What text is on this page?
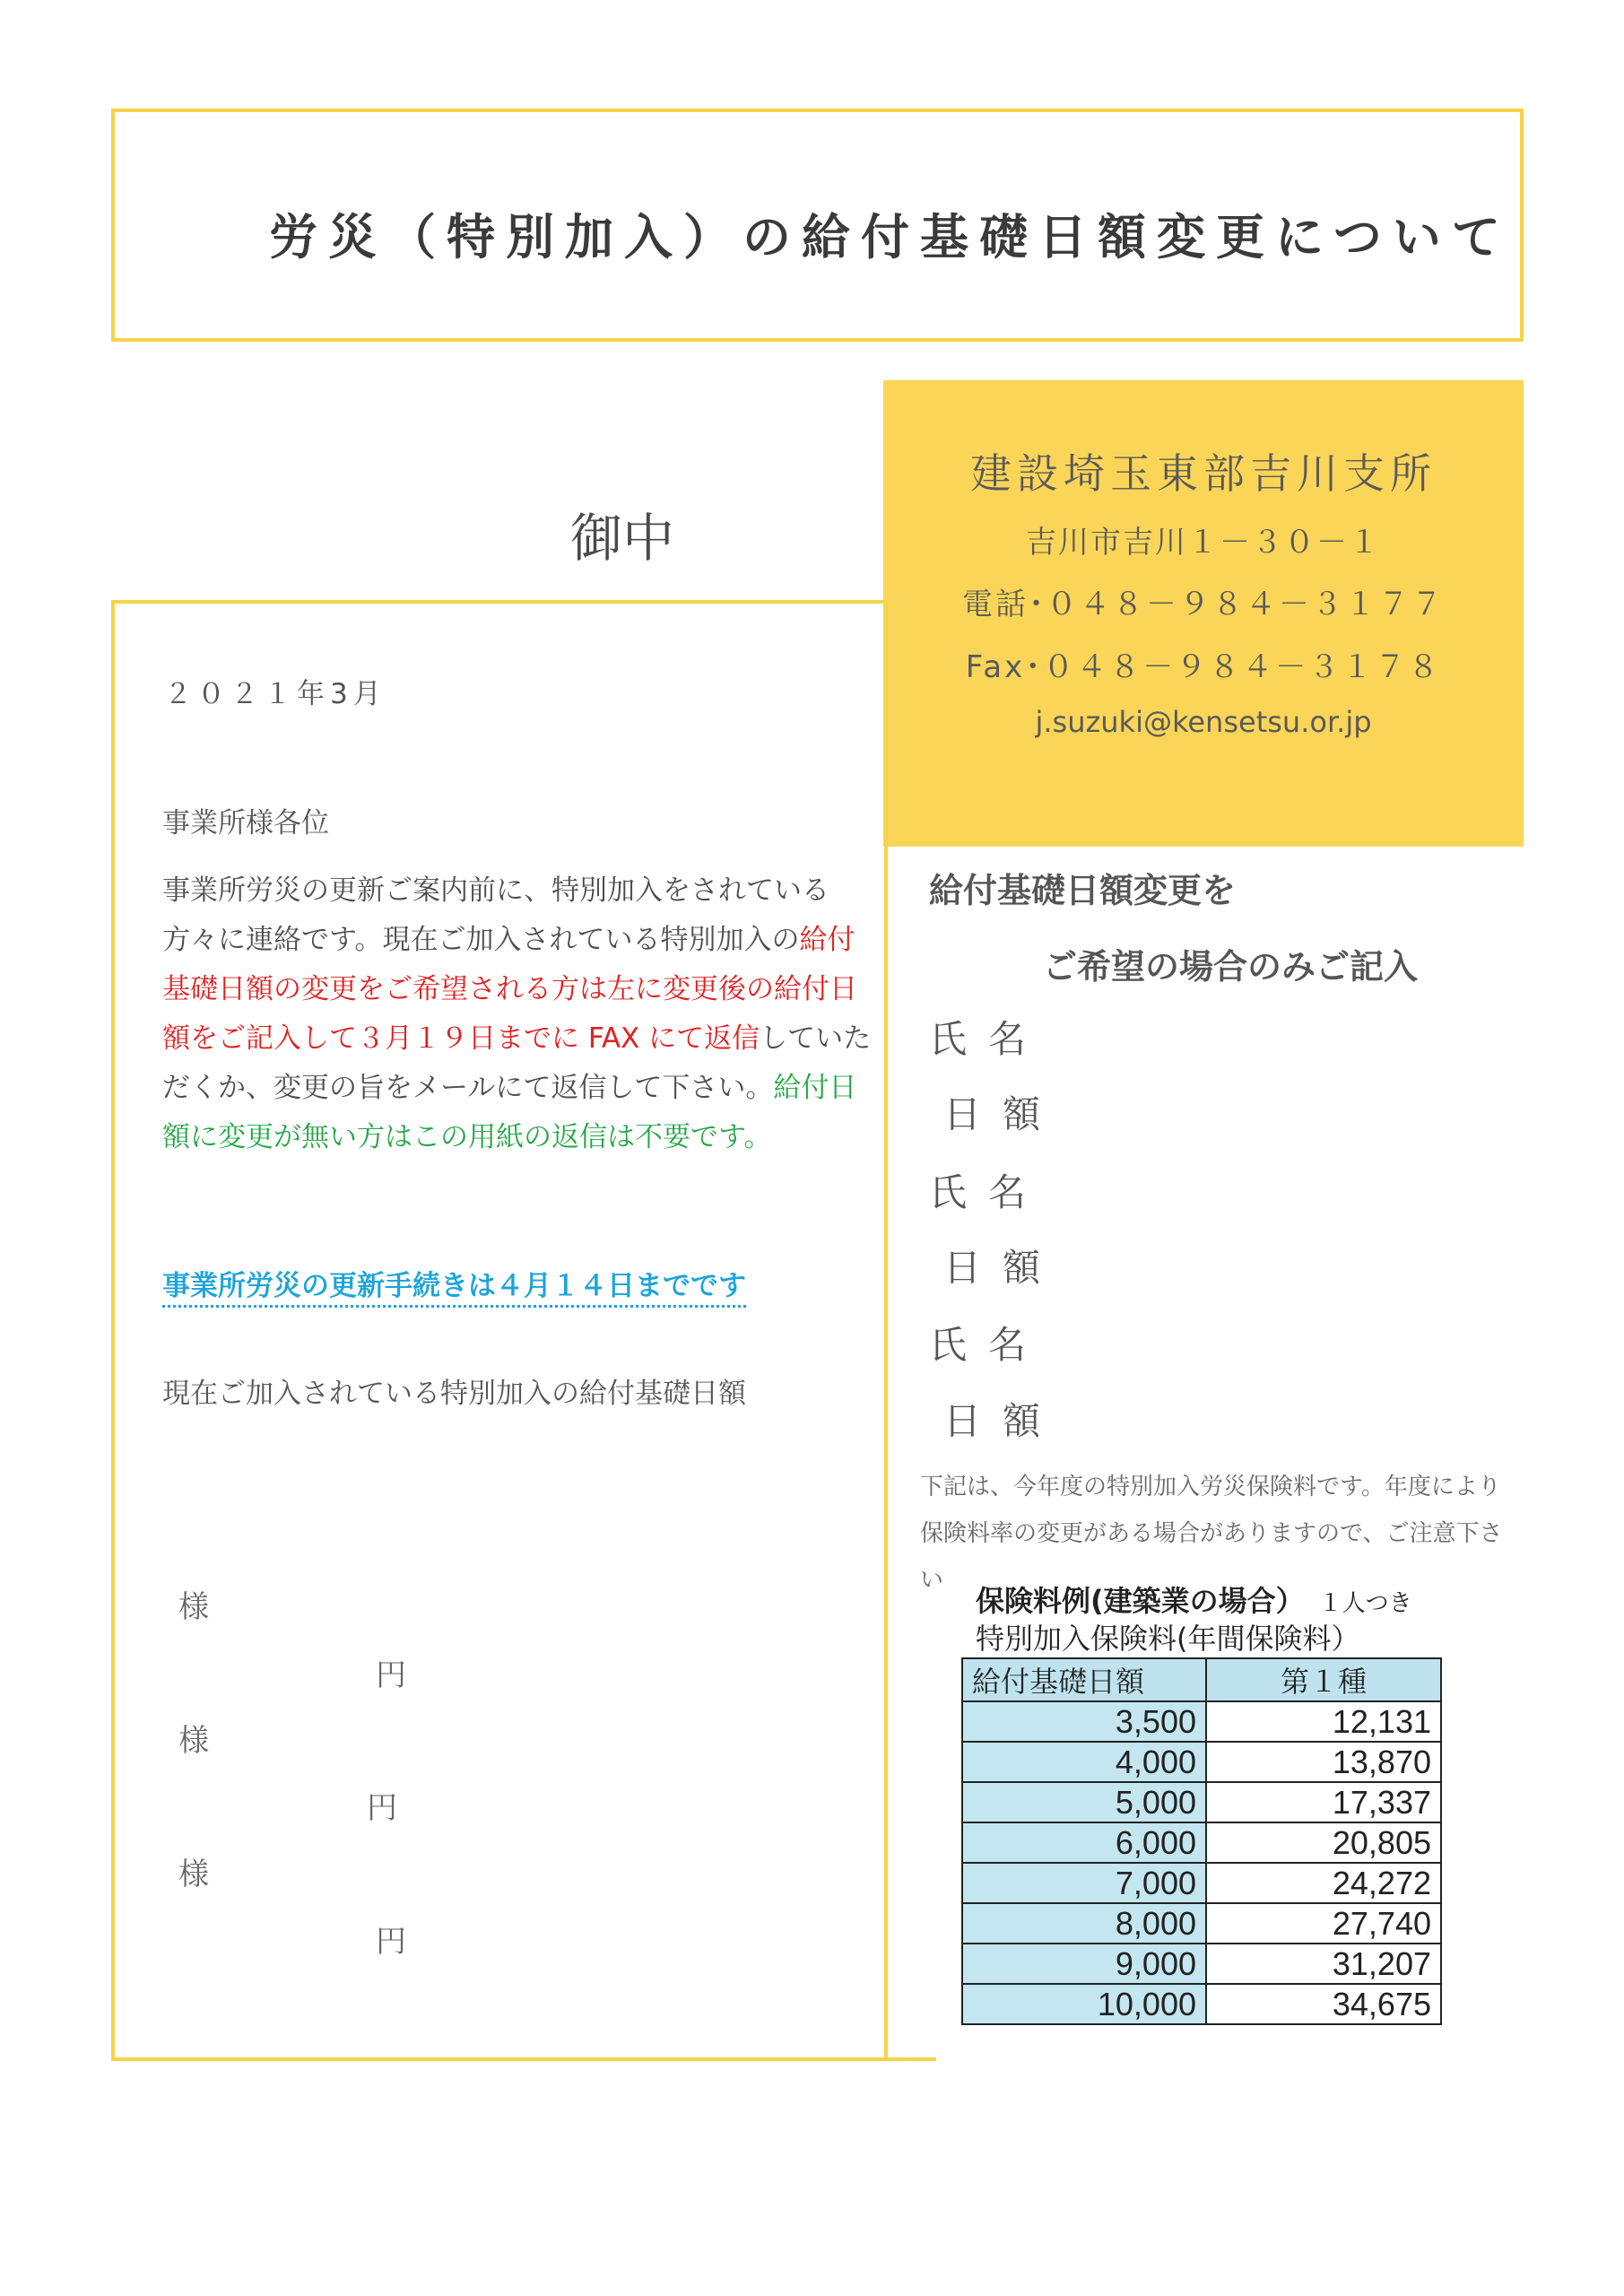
労災（特別加入）の給付基礎日額変更について
建設埼玉東部吉川支所
吉川市吉川１－３０－１
電話･０４８－９８４－３１７７
Fax･０４８－９８４－３１７８
j.suzuki@kensetsu.or.jp
御中
２０２１年3月
事業所様各位
事業所労災の更新ご案内前に、特別加入をされている方々に連絡です。現在ご加入されている特別加入の給付基礎日額の変更をご希望される方は左に変更後の給付日額をご記入して３月１９日までに FAX にて返信していただくか、変更の旨をメールにて返信して下さい。給付日額に変更が無い方はこの用紙の返信は不要です。
事業所労災の更新手続きは４月１４日までです
現在ご加入されている特別加入の給付基礎日額
様
円
様
円
様
円
給付基礎日額変更を
ご希望の場合のみご記入
氏名
日額
氏名
日額
氏名
日額
下記は、今年度の特別加入労災保険料です。年度により保険料率の変更がある場合がありますので、ご注意下さい
保険料例(建築業の場合） １人つき
特別加入保険料(年間保険料）
給付基礎日額	第１種
3,500	12,131
4,000	13,870
5,000	17,337
6,000	20,805
7,000	24,272
8,000	27,740
9,000	31,207
10,000	34,675
